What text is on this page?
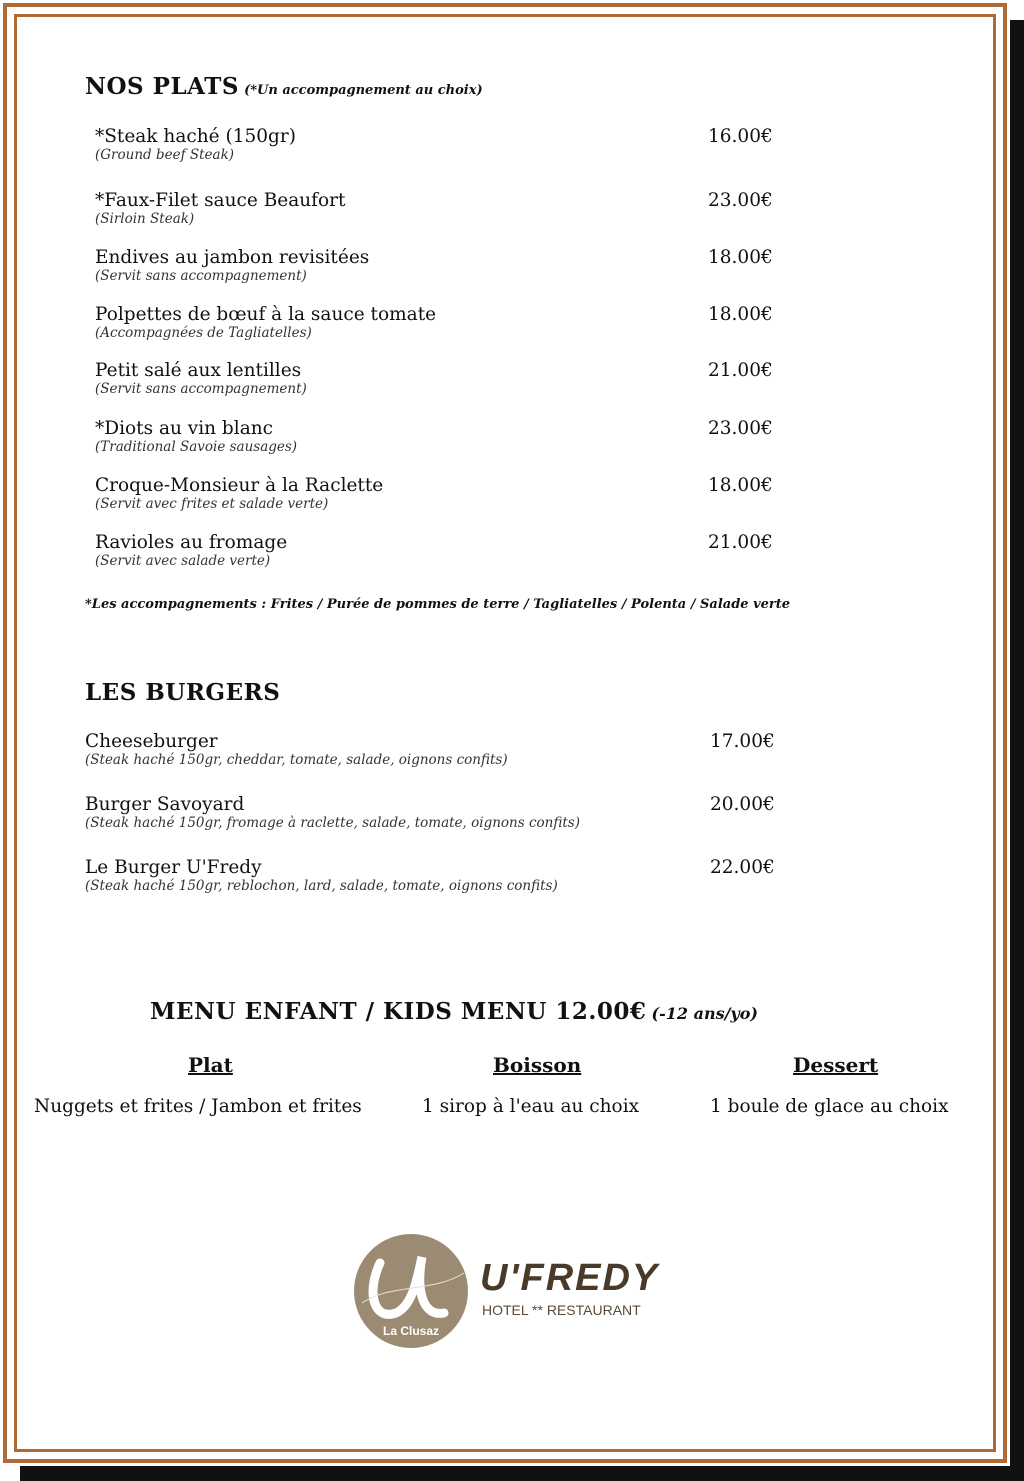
NOS PLATS (*Un accompagnement au choix)
*Steak haché (150gr)
(Ground beef Steak)
16.00€
*Faux-Filet sauce Beaufort
(Sirloin Steak)
23.00€
Endives au jambon revisitées
(Servit sans accompagnement)
18.00€
Polpettes de bœuf à la sauce tomate
(Accompagnées de Tagliatelles)
18.00€
Petit salé aux lentilles
(Servit sans accompagnement)
21.00€
*Diots au vin blanc
(Traditional Savoie sausages)
23.00€
Croque-Monsieur à la Raclette
(Servit avec frites et salade verte)
18.00€
Ravioles au fromage
(Servit avec salade verte)
21.00€
*Les accompagnements : Frites / Purée de pommes de terre / Tagliatelles / Polenta / Salade verte
LES BURGERS
Cheeseburger
(Steak haché 150gr, cheddar, tomate, salade, oignons confits)
17.00€
Burger Savoyard
(Steak haché 150gr, fromage à raclette, salade, tomate, oignons confits)
20.00€
Le Burger U'Fredy
(Steak haché 150gr, reblochon, lard, salade, tomate, oignons confits)
22.00€
MENU ENFANT / KIDS MENU 12.00€ (-12 ans/yo)
Plat	Boisson	Dessert
Nuggets et frites / Jambon et frites	1 sirop à l'eau au choix	1 boule de glace au choix
La Clusaz
U'FREDY
HOTEL ** RESTAURANT
